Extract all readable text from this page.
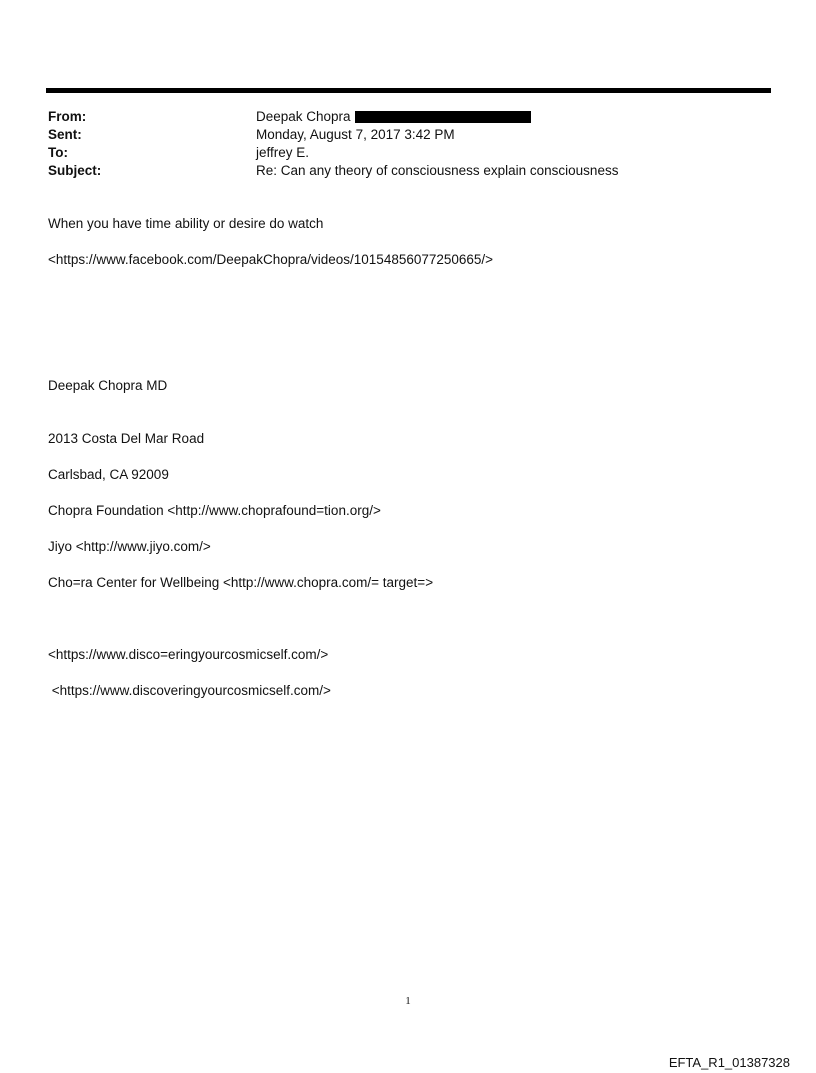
From:	Deepak Chopra
Sent:	Monday, August 7, 2017 3:42 PM
To:	jeffrey E.
Subject:	Re: Can any theory of consciousness explain consciousness
When you have time ability or desire do watch
<https://www.facebook.com/DeepakChopra/videos/10154856077250665/>
Deepak Chopra MD
2013 Costa Del Mar Road
Carlsbad, CA 92009
Chopra Foundation <http://www.choprafound=tion.org/>
Jiyo <http://www.jiyo.com/>
Cho=ra Center for Wellbeing <http://www.chopra.com/= target=>
<https://www.disco=eringyourcosmicself.com/>
<https://www.discoveringyourcosmicself.com/>
1
EFTA_R1_01387328
